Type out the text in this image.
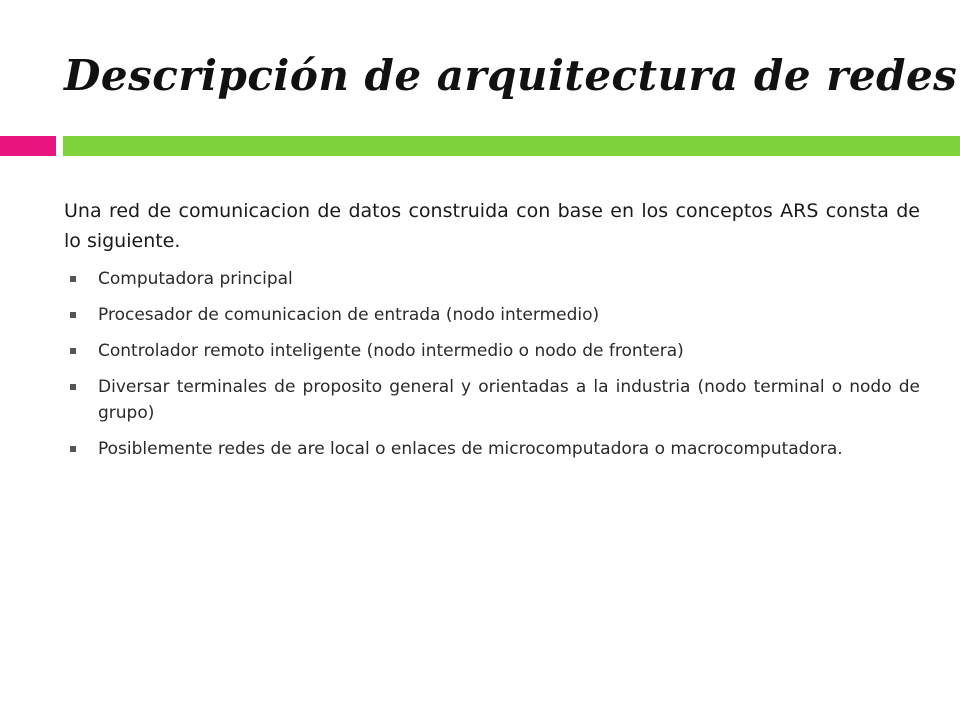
Descripción de arquitectura de redes

Una red de comunicacion de datos construida con base en los conceptos ARS consta de lo siguiente.

Computadora principal
Procesador de comunicacion de entrada (nodo intermedio)
Controlador remoto inteligente (nodo intermedio o nodo de frontera)
Diversar terminales de proposito general y orientadas a la industria (nodo terminal o nodo de grupo)
Posiblemente redes de are local o enlaces de microcomputadora o macrocomputadora.
